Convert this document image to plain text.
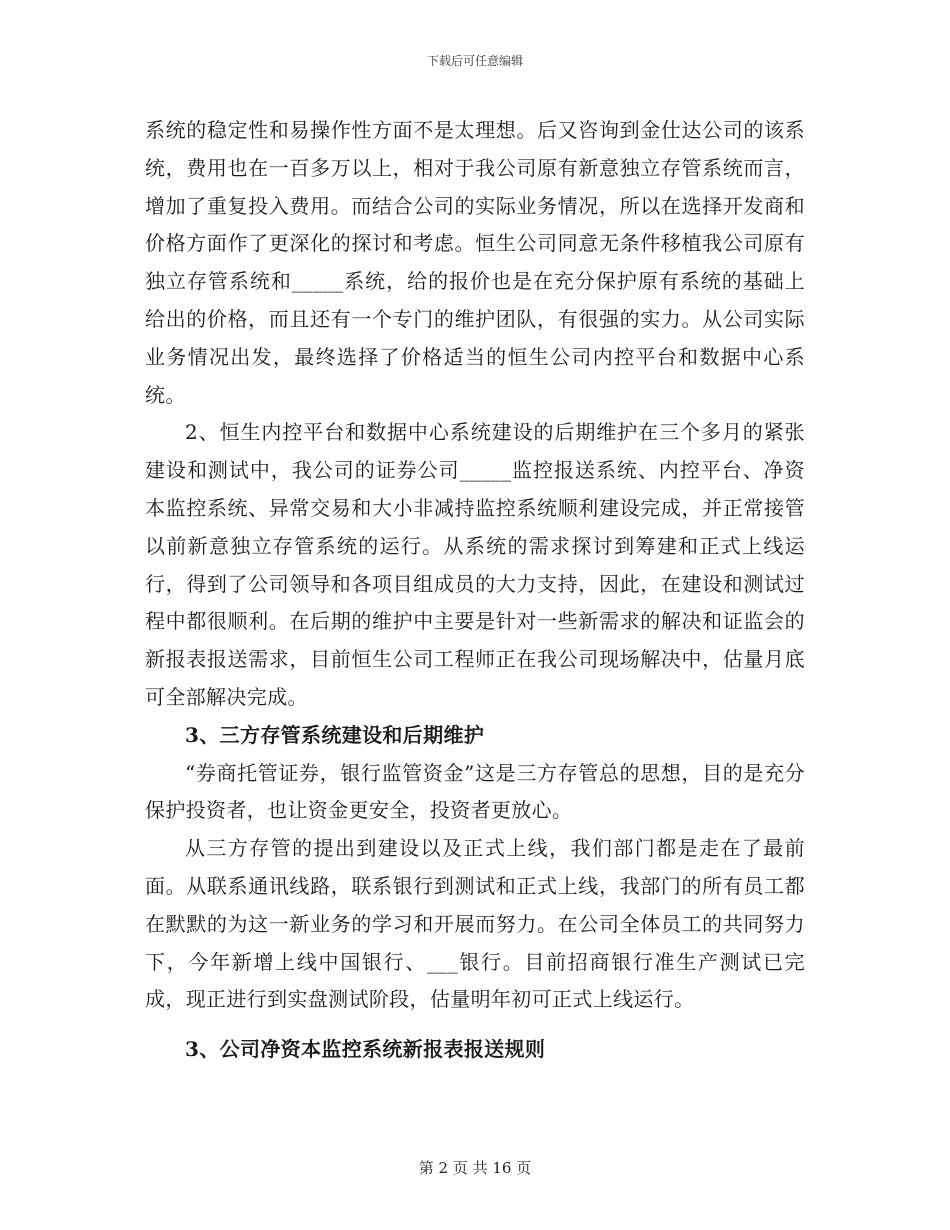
下载后可任意编辑

系统的稳定性和易操作性方面不是太理想。后又咨询到金仕达公司的该系统，费用也在一百多万以上，相对于我公司原有新意独立存管系统而言，增加了重复投入费用。而结合公司的实际业务情况，所以在选择开发商和价格方面作了更深化的探讨和考虑。恒生公司同意无条件移植我公司原有独立存管系统和_____系统，给的报价也是在充分保护原有系统的基础上给出的价格，而且还有一个专门的维护团队，有很强的实力。从公司实际业务情况出发，最终选择了价格适当的恒生公司内控平台和数据中心系统。

2、恒生内控平台和数据中心系统建设的后期维护在三个多月的紧张建设和测试中，我公司的证券公司_____监控报送系统、内控平台、净资本监控系统、异常交易和大小非减持监控系统顺利建设完成，并正常接管以前新意独立存管系统的运行。从系统的需求探讨到筹建和正式上线运行，得到了公司领导和各项目组成员的大力支持，因此，在建设和测试过程中都很顺利。在后期的维护中主要是针对一些新需求的解决和证监会的新报表报送需求，目前恒生公司工程师正在我公司现场解决中，估量月底可全部解决完成。

3、三方存管系统建设和后期维护

“券商托管证券，银行监管资金”这是三方存管总的思想，目的是充分保护投资者，也让资金更安全，投资者更放心。

从三方存管的提出到建设以及正式上线，我们部门都是走在了最前面。从联系通讯线路，联系银行到测试和正式上线，我部门的所有员工都在默默的为这一新业务的学习和开展而努力。在公司全体员工的共同努力下，今年新增上线中国银行、___银行。目前招商银行准生产测试已完成，现正进行到实盘测试阶段，估量明年初可正式上线运行。

3、公司净资本监控系统新报表报送规则

第 2 页 共 16 页
